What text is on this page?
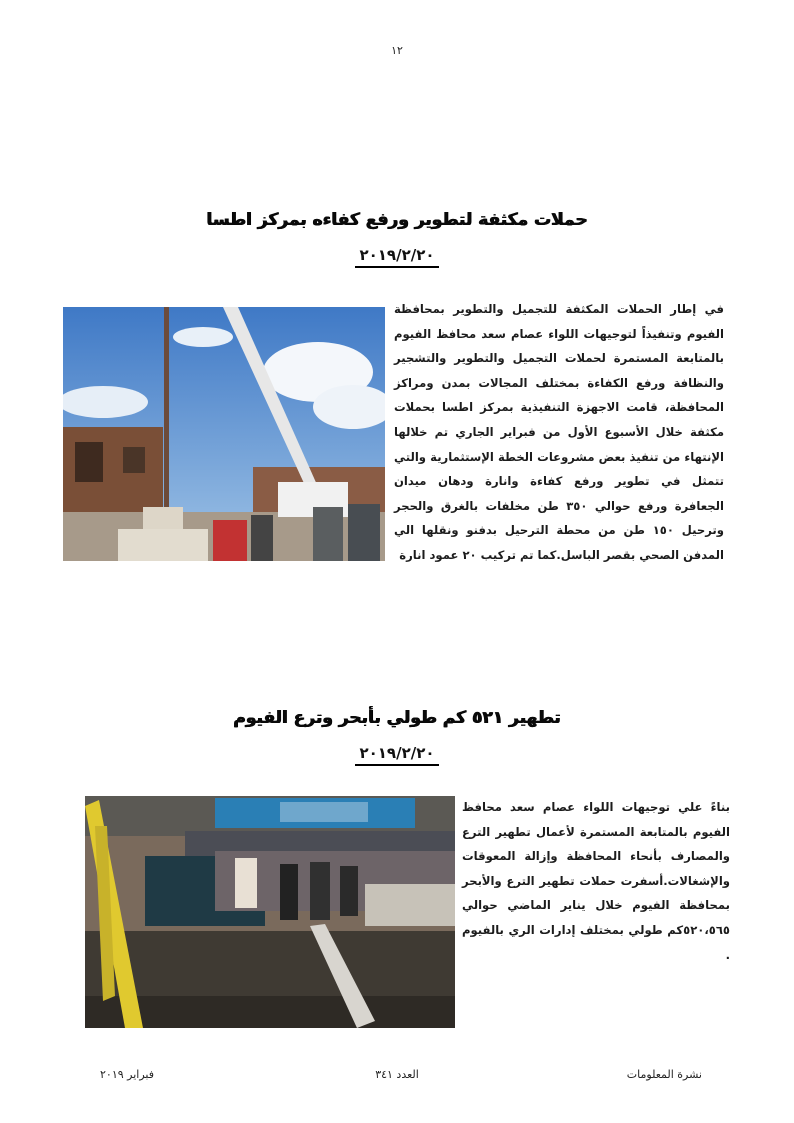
١٢
حملات مكثفة لتطوير ورفع كفاءه بمركز اطسا
٢٠١٩/٢/٢٠
في إطار الحملات المكثفة للتجميل والتطوير بمحافظة الفيوم وتنفيذاً لتوجيهات اللواء عصام سعد محافظ الفيوم بالمتابعة المستمرة لحملات التجميل والتطوير والتشجير والنظافة ورفع الكفاءة بمختلف المجالات بمدن ومراكز المحافظة، قامت الاجهزة التنفيذية بمركز اطسا بحملات مكثفة خلال الأسبوع الأول من فبراير الجاري تم خلالها الإنتهاء من تنفيذ بعض مشروعات الخطة الإستثمارية والتي تتمثل في تطوير ورفع كفاءة وانارة ودهان ميدان الجعافرة ورفع حوالي ٣٥٠ طن مخلفات بالغرق والحجر وترحيل ١٥٠ طن من محطة الترحيل بدفنو ونقلها الي المدفن الصحي بقصر الباسل.كما تم تركيب ٢٠ عمود انارة
تطهير ٥٢١ كم طولي بأبحر وترع الفيوم
٢٠١٩/٢/٢٠
بناءً علي توجيهات اللواء عصام سعد محافظ الفيوم بالمتابعة المستمرة لأعمال تطهير الترع والمصارف بأنحاء المحافظة وإزالة المعوقات والإشغالات.أسفرت حملات تطهير الترع والأبحر بمحافظة الفيوم خلال يناير الماضي حوالي ٥٢٠،٥٦٥كم طولي بمختلف إدارات الري بالفيوم .
فبراير ٢٠١٩	العدد ٣٤١	نشرة المعلومات
